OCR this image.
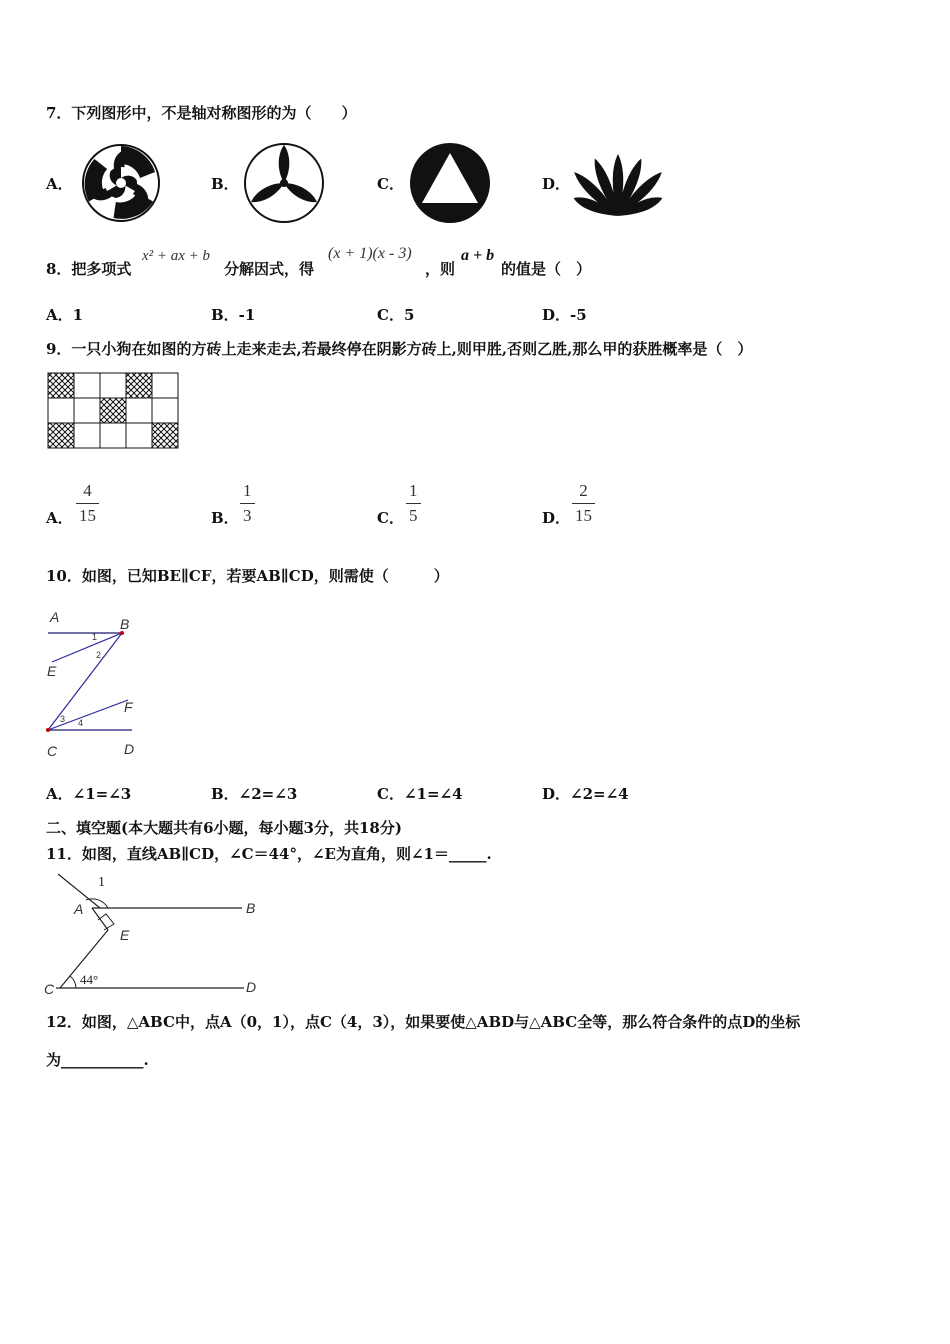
7．下列图形中，不是轴对称图形的为（　　）
A．	B．	C．	D．
8．把多项式
x² + ax + b
分解因式，得
(x + 1)(x - 3)
，则
a + b
的值是（　）
A．1	B．-1	C．5	D．-5
9．一只小狗在如图的方砖上走来走去,若最终停在阴影方砖上,则甲胜,否则乙胜,那么甲的获胜概率是（　）
A．
4
15	B．
1
3	C．
1
5	D．
2
15
10．如图，已知BE∥CF，若要AB∥CD，则需使（　　　）
A	B
E
F
C	D
1
2
3 4
A．∠1=∠3	B．∠2=∠3	C．∠1=∠4	D．∠2=∠4
二、填空题(本大题共有6小题，每小题3分，共18分)
11．如图，直线AB∥CD，∠C＝44°，∠E为直角，则∠1＝_____.
1
A	B
E
C	D
44°
12．如图，△ABC中，点A（0，1），点C（4，3），如果要使△ABD与△ABC全等，那么符合条件的点D的坐标
为___________.
